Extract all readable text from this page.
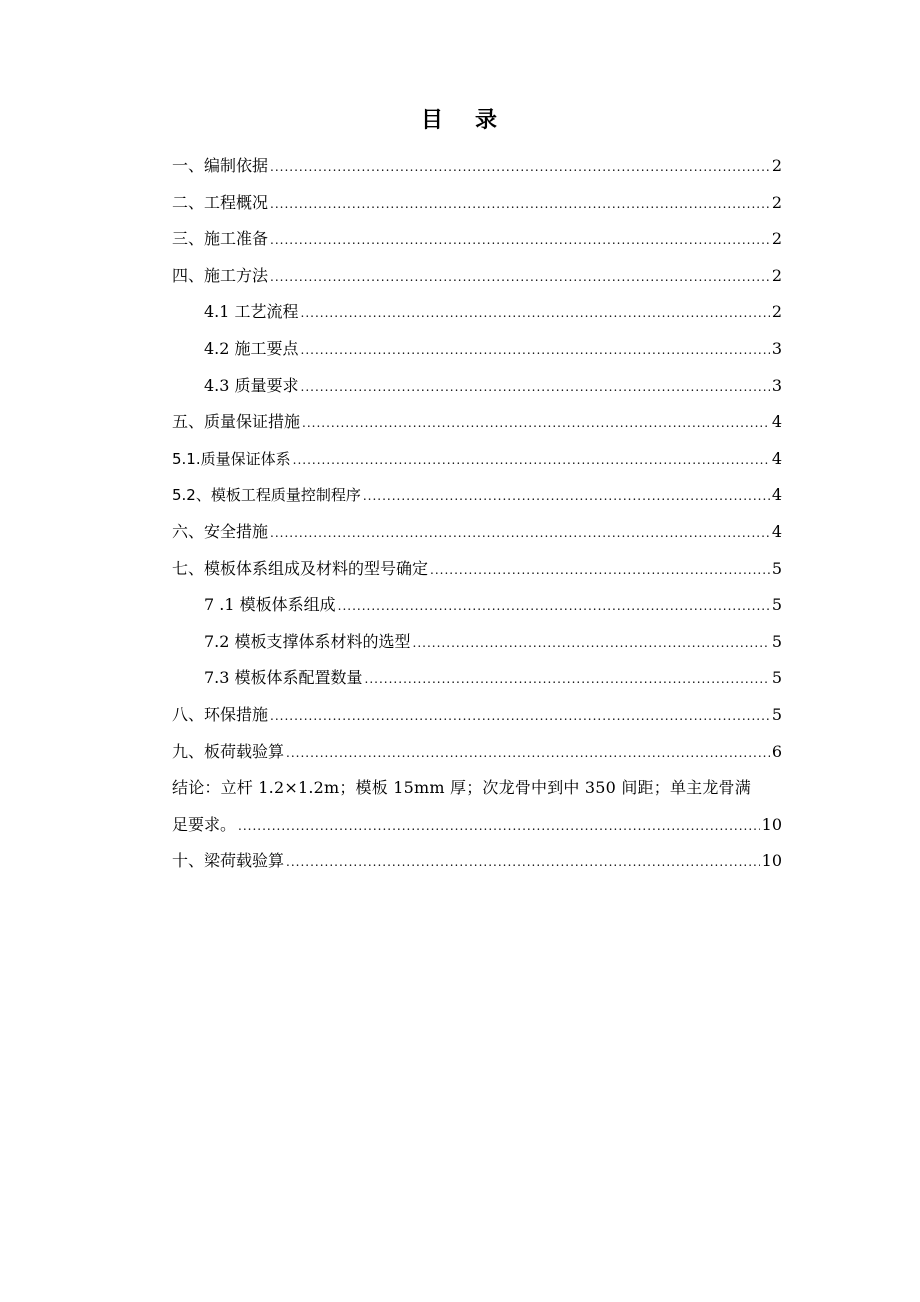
目 录
一、编制依据 .....	2
二、工程概况 .....	2
三、施工准备 .....	2
四、施工方法 .....	2
4.1 工艺流程 .....	2
4.2 施工要点 .....	3
4.3 质量要求 .....	3
五、质量保证措施 .....	4
5.1.质量保证体系 .....	4
5.2、模板工程质量控制程序 .....	4
六、安全措施 .....	4
七、模板体系组成及材料的型号确定 .....	5
7 .1 模板体系组成 .....	5
7.2 模板支撑体系材料的选型 .....	5
7.3 模板体系配置数量 .....	5
八、环保措施 .....	5
九、板荷载验算 .....	6
结论：立杆 1.2×1.2m；模板 15mm 厚；次龙骨中到中 350 间距；单主龙骨满
足要求。 .....	10
十、梁荷载验算 .....	10
